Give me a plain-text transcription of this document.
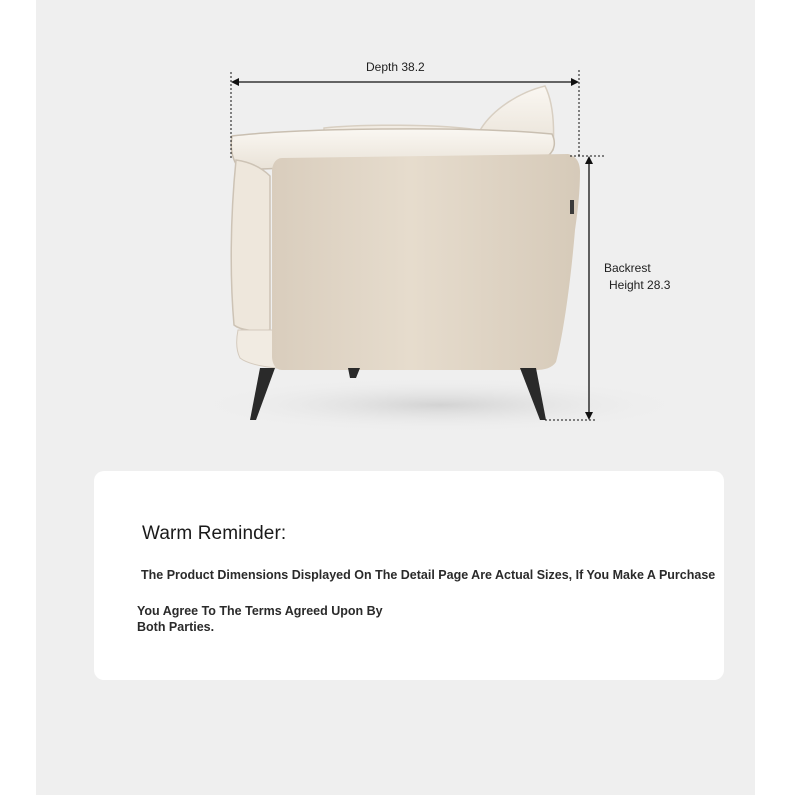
Depth 38.2
Backrest
Height 28.3
Warm Reminder:
The Product Dimensions Displayed On The Detail Page Are Actual Sizes, If You Make A Purchase
You Agree To The Terms Agreed Upon By Both Parties.
